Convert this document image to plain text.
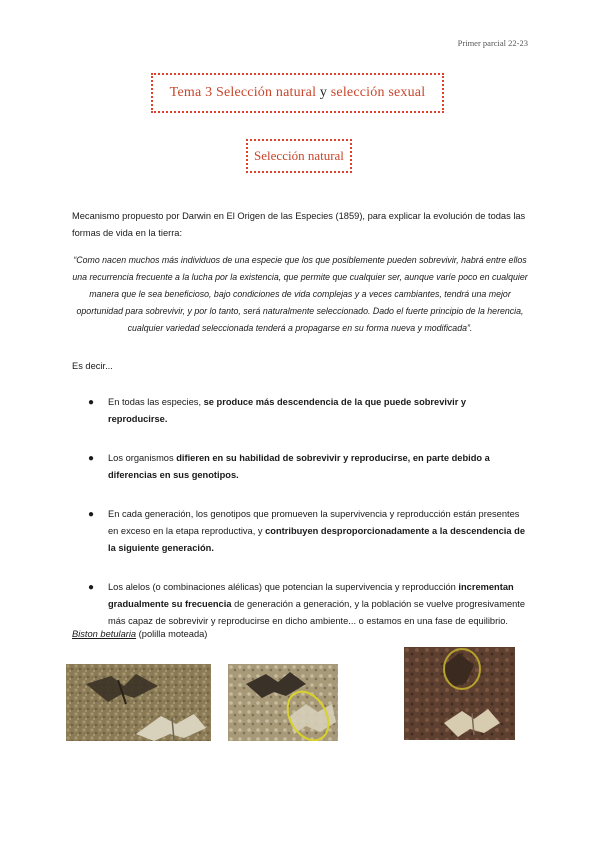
Primer parcial 22-23
Tema 3 Selección natural y selección sexual
Selección natural
Mecanismo propuesto por Darwin en El Origen de las Especies (1859), para explicar la evolución de todas las formas de vida en la tierra:
“Como nacen muchos más individuos de una especie que los que posiblemente pueden sobrevivir, habrá entre ellos una recurrencia frecuente a la lucha por la existencia, que permite que cualquier ser, aunque varíe poco en cualquier manera que le sea beneficioso, bajo condiciones de vida complejas y a veces cambiantes, tendrá una mejor oportunidad para sobrevivir, y por lo tanto, será naturalmente seleccionado. Dado el fuerte principio de la herencia, cualquier variedad seleccionada tenderá a propagarse en su forma nueva y modificada”.
Es decir...
● En todas las especies, se produce más descendencia de la que puede sobrevivir y reproducirse.
● Los organismos difieren en su habilidad de sobrevivir y reproducirse, en parte debido a diferencias en sus genotipos.
● En cada generación, los genotipos que promueven la supervivencia y reproducción están presentes en exceso en la etapa reproductiva, y contribuyen desproporcionadamente a la descendencia de la siguiente generación.
● Los alelos (o combinaciones alélicas) que potencian la supervivencia y reproducción incrementan gradualmente su frecuencia de generación a generación, y la población se vuelve progresivamente más capaz de sobrevivir y reproducirse en dicho ambiente... o estamos en una fase de equilibrio.
Biston betularia (polilla moteada)
